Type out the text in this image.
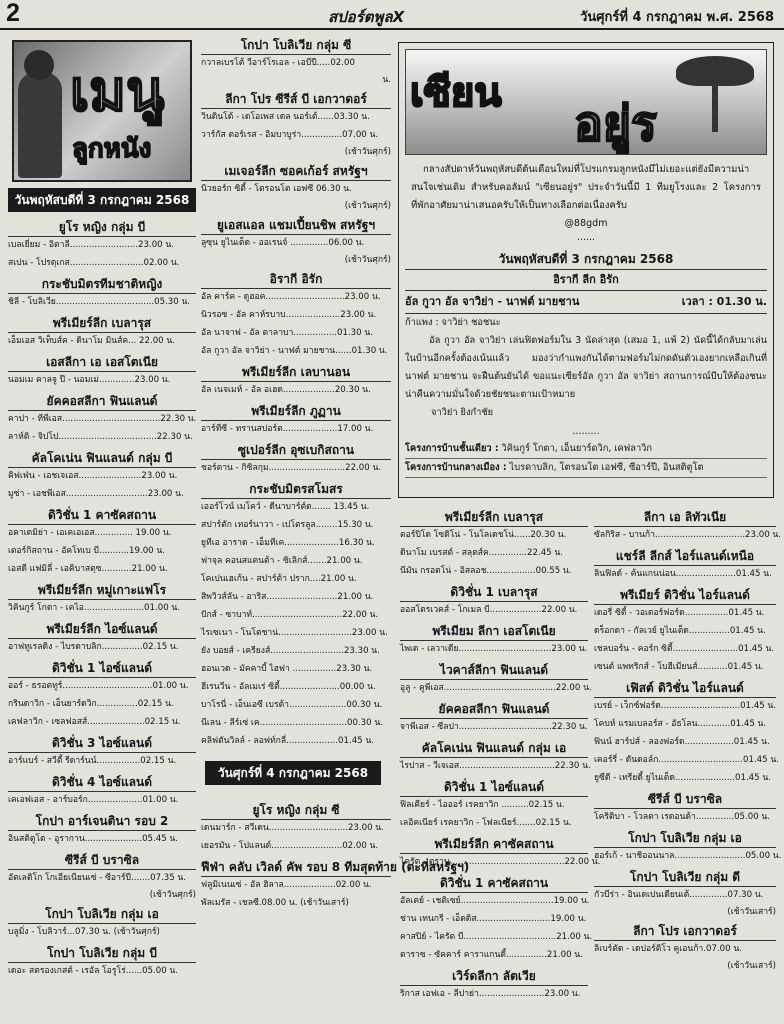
2	สปอร์ตพูลX	วันศุกร์ที่ 4 กรกฎาคม พ.ศ. 2568
เมนู
ลูกหนัง
วันพฤหัสบดีที่ 3 กรกฎาคม 2568
ยูโร หญิง กลุ่ม บี
เบลเยี่ยม - อิตาลี.........................23.00 น.
สเปน - โปรตุเกส...........................02.00 น.
กระชับมิตรทีมชาติหญิง
ชิลี - โบลิเวีย....................................05.30 น.
พรีเมียร์ลีก เบลารุส
เอ็มเอส วิเท็บส์ค - ดินาโม มินส์ค... 22.00 น.
เอสลีกา เอ เอสโตเนีย
นอมเม คาลจู ปี - นอมเม่.............23.00 น.
ยัคคอสลีกา ฟินแลนด์
คาปา - ทีพีเอส....................................22.30 น.
ลาห์ติ - จิปโป....................................22.30 น.
คัลโคเน่น ฟินแลนด์ กลุ่ม บี
คิฟเฟ่น - เอชเจเอส.......................23.00 น.
มูซ่า - เอชพีเอส..............................23.00 น.
ดิวิชั่น 1 คาซัคสถาน
อคาเดมิย่า - เอเคเอเอส.............. 19.00 น.
เตอร์กิสถาน - อัคโทเบ บี...........19.00 น.
เอสดี แฟมิลี่ - เอคิบาสตุซ...........21.00 น.
พรีเมียร์ลีก หมู่เกาะแฟโร
วิคินกูร์ โกตา - เคไอ......................01.00 น.
พรีเมียร์ลีก ไอซ์แลนด์
อาฟทูเรลดิง - ไบรดาบลิก...............02.15 น.
ดิวิชั่น 1 ไอซ์แลนด์
ออร์ - ธรอตทูร์.................................01.00 น.
กรินดาวิก - เอ็นยาร์ดวิก...............02.15 น.
เคฟลาวิก - เซลฟอสส์.....................02.15 น.
ดิวิชั่น 3 ไอซ์แลนด์
อาร์แบร์ - สวีตี้ รีดาร์นน์................02.15 น.
ดิวิชั่น 4 ไอซ์แลนด์
เคเอฟเอส - อาร์บอร์ก....................01.00 น.
โกปา อาร์เจนตินา รอบ 2
อินสติตูโต - อูรากาน.....................05.45 น.
ซีรีส์ บี บราซิล
อัตเลติโก โกเอียเนียนเซ่ - ซีอาร์ปี.......07.35 น.
(เช้าวันศุกร์)
โกปา โบลิเวีย กลุ่ม เอ
บลูมิ่ง - โบลิวาร์...07.30 น. (เช้าวันศุกร์)
โกปา โบลิเวีย กลุ่ม บี
เดอะ สตรองเกสต์ - เรอัล โอรูโร่......05.00 น.
โกปา โบลิเวีย กลุ่ม ซี
กวาลเบรโต้ วีอาร์โรเอล - เอบีปี.....02.00
น.
ลีกา โปร ซีรีส์ บี เอกวาดอร์
วินดินโด้ - เดโอเพส เดล นอร์เต้......03.30 น.
วาร์กัส ตอร์เรส - อิมบาบูร่า...............07.00 น.
(เช้าวันศุกร์)
เมเจอร์ลีก ซอคเก้อร์ สหรัฐฯ
นิวยอร์ก ซิตี้ - โตรอนโต เอฟซี 06.30 น.
(เช้าวันศุกร์)
ยูเอสแอล แชมเปี้ยนชิพ สหรัฐฯ
ลูซุน ยูไนเต็ด - ออเรนจ์ ..............06.00 น.
(เช้าวันศุกร์)
อิรากี อิรัก
อัล คาร์ค - ดูฮอค.............................23.00 น.
นิวรอซ - อัล คาห์รบาบ....................23.00 น.
อัล นาจาฟ - อัล ตาลาบา................01.30 น.
อัล กูวา อัล จาวิย่า - นาฟต์ มายชาน......01.30 น.
พรีเมียร์ลีก เลบานอน
อัล เนจเมห์ - อัล อเฮด...................20.30 น.
พรีเมียร์ลีก ภูฏาน
อาร์ทีซี - ทรานสปอร์ต....................17.00 น.
ซูเปอร์ลีก อุซเบกิสถาน
ชอร์ตาน - กิซิลกุม............................22.00 น.
กระชับมิตรสโมสร
เออร์โวน์ เมโคว์ - ดีนาบาร์ต์ต....... 13.45 น.
สปาร์ตัก เทอร์นาวา - เปโตรลูล........15.30 น.
ยูทีเอ อาราด - เอ็มทีเค....................16.30 น.
ฟาจุล คอนสแตนต้า - ซิเลิกส์.......21.00 น.
โคเปนเฮเก้น - สปาร์ต้า ปราก....21.00 น.
สิพวิวส์ลัน - อาริส..........................21.00 น.
ปักส์ - ซาบาท์.................................22.00 น.
ไรเซเนา - โนโตชาน่...........................23.00 น.
ยัง บอยส์ - เครียงส์...........................23.30 น.
ฮอนเวด - มัคคาบี้ ไฮฟา ................23.30 น.
ฮีเรนวีน - อัลเมเร่ ซิตี้......................00.00 น.
บาโรนี่ - เอ็นเอซี เบรด้า.....................00.30 น.
นีเลน - ลีร์เซ่ เค................................00.30 น.
คลิฟตันวิลล์ - ลอฟท์กลี่...................01.45 น.
วันศุกร์ที่ 4 กรกฎาคม 2568
ยูโร หญิง กลุ่ม ซี
เดนมาร์ก - สวีเดน.............................23.00 น.
เยอรมัน - โปแลนด์..........................02.00 น.
ฟีฟ่า คลับ เวิลด์ คัพ รอบ 8 ทีมสุดท้าย (ตะที่สหรัฐฯ)
ฟลูมิเนนเซ่ - อัล ฮิลาล...................02.00 น.
พัลเมรัส - เชลซี.08.00 น. (เช้าวันเสาร์)
เซียน
อยู่ร

กลางสัปดาห์วันพฤหัสบดีต้นเดือนใหม่ที่โปรแกรมลูกหนังมีไม่เยอะแต่ยังมีความน่าสนใจเช่นเดิม สำหรับคอลัมน์ "เซียนอยู่ร" ประจำวันนี้มี 1 ทีมยูโรงและ 2 โครงการที่พักอาศัยมาน่าเสนอครับให้เป็นทางเลือกต่อเนื่องครับ

@88gdm
......
วันพฤหัสบดีที่ 3 กรกฎาคม 2568
อิรากี ลีก อิรัก
เวลา : 01.30 น.
อัล กูวา อัล จาวิย่า - นาฟต์ มายชาน

ก้าแพง : จาวิย่า ชอชนะ

อัล กูวา อัล จาวิย่า เล่นฟิตฟอร์มใน 3 นัดล่าสุด (เสมอ 1, แพ้ 2) นัดนี้ได้กลับมาเล่นในบ้านอีกครั้งต้องเน้นแล้ว มองว่ากำแพงกันได้ตามฟอร์มไม่กดดันตัวเองยากเหลือเกินที่นาฟต์ มายชาน จะฝืนต้นยันได้ ขอแนะเซียร์อัล กูวา อัล จาวิย่า สถานการณ์บีบให้ต้องชนะ น่าคืนความมั่นใจด้วยชัยชนะตามเป้าหมาย

จาวิย่า ยิงกำชัย

.........
โครงการบ้านชั้นเดียว : วิคินกูร์ โกตา, เอ็นยาร์ดวิก, เคฟลาวิก
โครงการบ้านกลางเมือง : ไบรดาบลิก, โตรอนโต เอฟซี, ซีอาร์ปี, อินสติตูโต
พรีเมียร์ลีก เบลารุส
ตอร์ปิโด โซดิโน่ - โนโลเดชโน่......20.30 น.
ดินาโม เบรสต์ - สลุตส์ค..............22.45 น.
นีมัน กรอดโน่ - อิสลอช..................00.55 น.
ดิวิชั่น 1 เบลารุส
ออสโตรเวคส์ - โกเมล บี...................22.00 น.
พรีเมียม ลีกา เอสโตเนีย
ไพเด - เลวาเดีย..................................23.00 น.
ไวคาส์ลีกา ฟินแลนด์
อูลู - คูพีเอส.........................................22.00 น.
ยัคคอสลีกา ฟินแลนด์
จาพีเอส - ซีลปา..................................22.30 น.
คัลโคเน่น ฟินแลนด์ กลุ่ม เอ
ไรปาส - วีเจเอส...................................22.30 น.
ดิวิชั่น 1 ไอซ์แลนด์
ฟิลเคียร์ - ไอออร์ เรคยาวิก ..........02.15 น.
เลอิคเนียร์ เรคยาวิก - โฟลเนียร์.......02.15 น.
พรีเมียร์ลีก คาซัคสถาน
ไครัต - ตูราน..........................................22.00 น.
ดิวิชั่น 1 คาซัคสถาน
อัลเตย์ - เชติเซย์..................................19.00 น.
ช่าน เทนกรี - เอ็ดดิส...........................19.00 น.
คาสปิย์ - ไครัต บี..................................21.00 น.
ตาราซ - ซัคคาร์ คาราแกนดี้...............21.00 น.
เวิร์ดลีกา ลัตเวีย
ริกาส เอฟเอ - ลีปาย่า........................23.00 น.
ลีกา เอ ลิทัวเนีย
ซัลกิริส - บานก้า.................................23.00 น.
แชร์ลี ลีกส์ ไอร์แลนด์เหนือ
ลินฟิลด์ - ค้นแกนน่อน......................01.45 น.
พรีเมียร์ ดิวิชั่น ไอร์แลนด์
เดอรี่ ซิตี้ - วอเตอร์ฟอร์ด................01.45 น.
ดร็อกดา - กัลเวย์ ยูไนเต็ด...............01.45 น.
เชลบอร์น - คอร์ก ซิตี้........................01.45 น.
เซนต์ แพทริกส์ - โบฮีเมียนส์...........01.45 น.
เฟิสต์ ดิวิชั่น ไอร์แลนด์
เบรย์ - เว็กซ์ฟอร์ด.............................01.45 น.
โคบห์ แรมเบลอร์ส - อัธโลน............01.45 น.
ฟินน์ ฮาร์ปส์ - ลองฟอร์ด..................01.45 น.
เคอร์รี่ - ดันดอล์ก...............................01.45 น.
ยูซีดี - เทรียดี้ ยูไนเต็ด......................01.45 น.
ซีรีส์ บี บราซิล
โคริติบา - โวลตา เรดอนด้า..............05.00 น.
โกปา โบลิเวีย กลุ่ม เอ
ฮอร์เก้ - นาชิออนนาล..........................05.00 น.
โกปา โบลิเวีย กลุ่ม ดี
กัวบีร่า - อินเดเปนเดียนเต้..............07.30 น.
(เช้าวันเสาร์)
ลีกา โปร เอกวาดอร์
ลิเบร์ตัด - เดปอร์ติโว คูเอนก้า.07.00 น.
(เช้าวันเสาร์)
